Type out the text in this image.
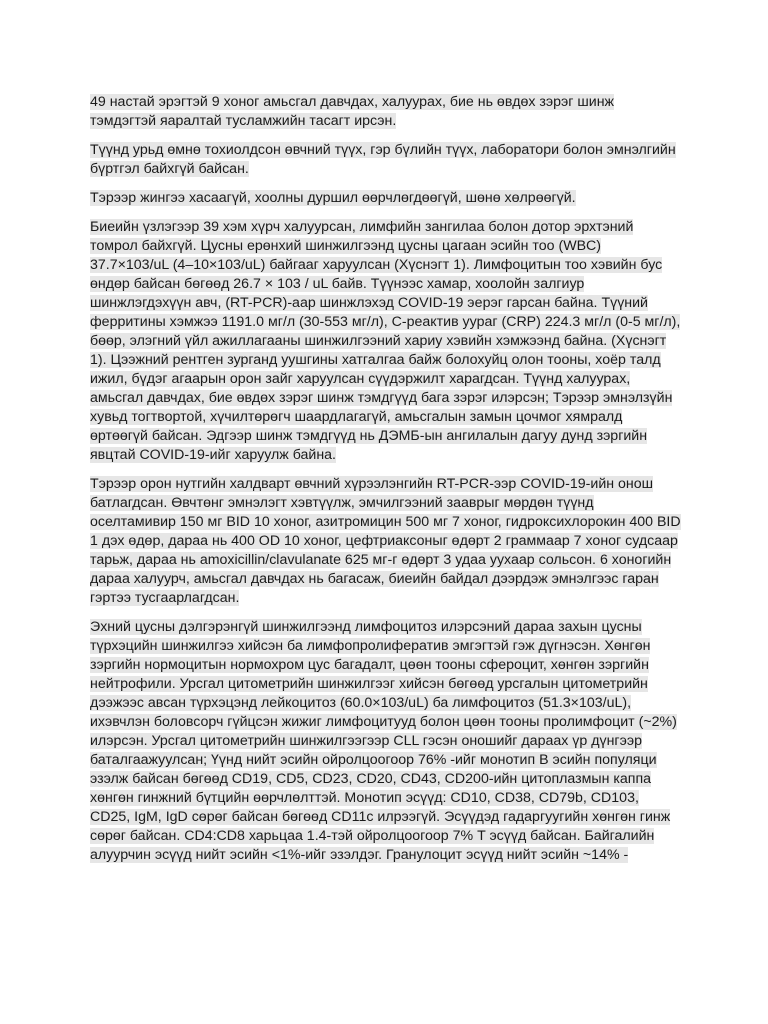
49 настай эрэгтэй 9 хоног амьсгал давчдах, халуурах, бие нь өвдөх зэрэг шинж тэмдэгтэй яаралтай тусламжийн тасагт ирсэн.

Түүнд урьд өмнө тохиолдсон өвчний түүх, гэр бүлийн түүх, лаборатори болон эмнэлгийн бүртгэл байхгүй байсан.

Тэрээр жингээ хасаагүй, хоолны дуршил өөрчлөгдөөгүй, шөнө хөлрөөгүй.

Биеийн үзлэгээр 39 хэм хүрч халуурсан, лимфийн зангилаа болон дотор эрхтэний томрол байхгүй. Цусны ерөнхий шинжилгээнд цусны цагаан эсийн тоо (WBC) 37.7×103/uL (4–10×103/uL) байгааг харуулсан (Хүснэгт 1). Лимфоцитын тоо хэвийн бус өндөр байсан бөгөөд 26.7 × 103 / uL байв. Түүнээс хамар, хоолойн залгиур шинжлэгдэхүүн авч, (RT-PCR)-аар шинжлэхэд COVID-19 эерэг гарсан байна. Түүний ферритины хэмжээ 1191.0 мг/л (30-553 мг/л), C-реактив уураг (CRP) 224.3 мг/л (0-5 мг/л), бөөр, элэгний үйл ажиллагааны шинжилгээний хариу хэвийн хэмжээнд байна. (Хүснэгт 1). Цээжний рентген зурганд уушгины хатгалгаа байж болохуйц олон тооны, хоёр талд ижил, бүдэг агаарын орон зайг харуулсан сүүдэржилт харагдсан. Түүнд халуурах, амьсгал давчдах, бие өвдөх зэрэг шинж тэмдгүүд бага зэрэг илэрсэн; Тэрээр эмнэлзүйн хувьд тогтвортой, хүчилтөрөгч шаардлагагүй, амьсгалын замын цочмог хямралд өртөөгүй байсан. Эдгээр шинж тэмдгүүд нь ДЭМБ-ын ангилалын дагуу дунд зэргийн явцтай COVID-19-ийг харуулж байна.

Тэрээр орон нутгийн халдварт өвчний хүрээлэнгийн RT-PCR-ээр COVID-19-ийн онош батлагдсан. Өвчтөнг эмнэлэгт хэвтүүлж, эмчилгээний зааврыг мөрдөн түүнд оселтамивир 150 мг BID 10 хоног, азитромицин 500 мг 7 хоног, гидроксихлорокин 400 BID 1 дэх өдөр, дараа нь 400 OD 10 хоног, цефтриаксоныг өдөрт 2 граммаар 7 хоног судсаар тарьж, дараа нь amoxicillin/clavulanate 625 мг-г өдөрт 3 удаа уухаар сольсон. 6 хоногийн дараа халуурч, амьсгал давчдах нь багасаж, биеийн байдал дээрдэж эмнэлгээс гаран гэртээ тусгаарлагдсан.

Эхний цусны дэлгэрэнгүй шинжилгээнд лимфоцитоз илэрсэний дараа захын цусны түрхэцийн шинжилгээ хийсэн ба лимфопролифератив эмгэгтэй гэж дүгнэсэн. Хөнгөн зэргийн нормоцитын нормохром цус багадалт, цөөн тооны сфероцит, хөнгөн зэргийн нейтрофили. Урсгал цитометрийн шинжилгээг хийсэн бөгөөд урсгалын цитометрийн дээжээс авсан түрхэцэнд лейкоцитоз (60.0×103/uL) ба лимфоцитоз (51.3×103/uL), ихэвчлэн боловсорч гүйцсэн жижиг лимфоцитууд болон цөөн тооны пролимфоцит (~2%) илэрсэн. Урсгал цитометрийн шинжилгээгээр CLL гэсэн оношийг дараах үр дүнгээр баталгаажуулсан; Үүнд нийт эсийн ойролцоогоор 76% -ийг монотип B эсийн популяци эзэлж байсан бөгөөд CD19, CD5, CD23, CD20, CD43, CD200-ийн цитоплазмын каппа хөнгөн гинжний бүтцийн өөрчлөлттэй. Монотип эсүүд: CD10, CD38, CD79b, CD103, CD25, IgM, IgD сөрөг байсан бөгөөд CD11c илрээгүй. Эсүүдэд гадаргуугийн хөнгөн гинж сөрөг байсан. CD4:CD8 харьцаа 1.4-тэй ойролцоогоор 7% T эсүүд байсан. Байгалийн алуурчин эсүүд нийт эсийн <1%-ийг эзэлдэг. Гранулоцит эсүүд нийт эсийн ~14% -
